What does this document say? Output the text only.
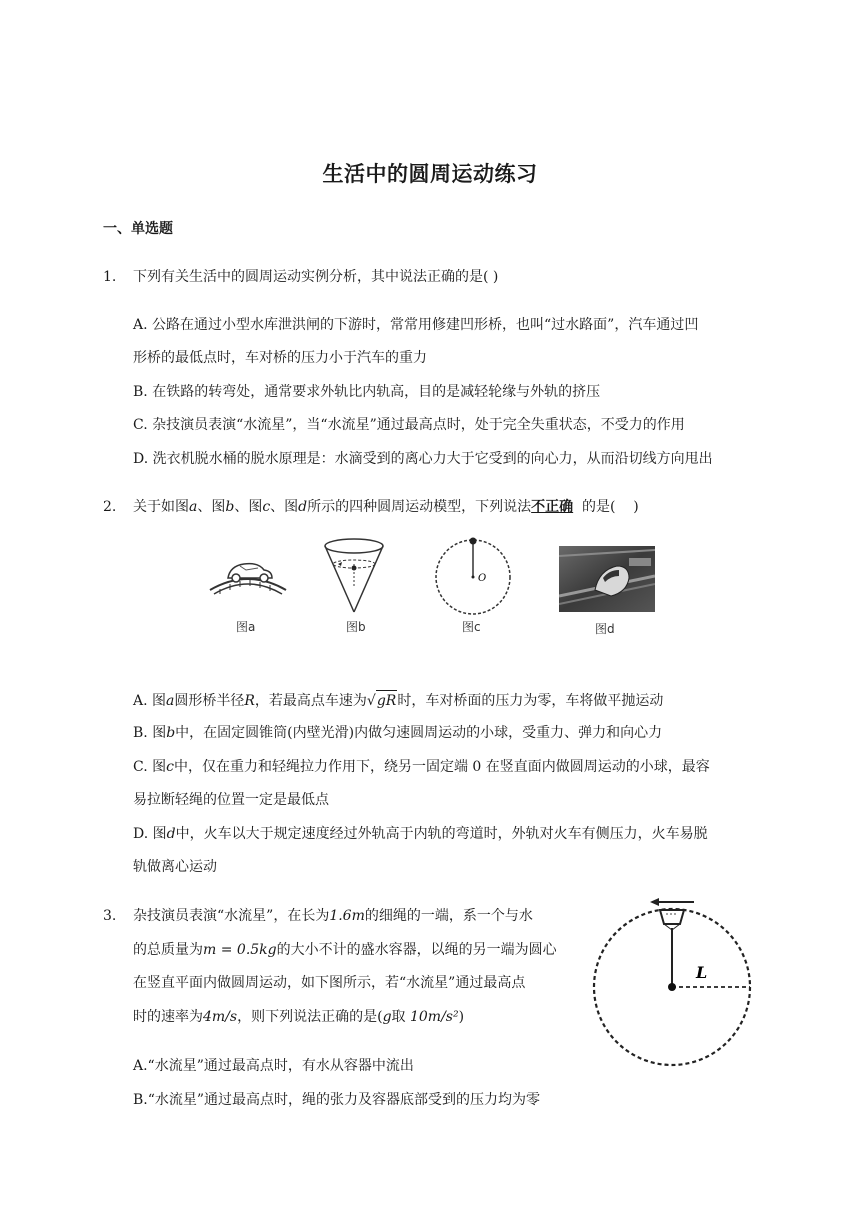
生活中的圆周运动练习
一、单选题
1. 下列有关生活中的圆周运动实例分析，其中说法正确的是( )
A. 公路在通过小型水库泄洪闸的下游时，常常用修建凹形桥，也叫“过水路面”，汽车通过凹
形桥的最低点时，车对桥的压力小于汽车的重力
B. 在铁路的转弯处，通常要求外轨比内轨高，目的是减轻轮缘与外轨的挤压
C. 杂技演员表演“水流星”，当“水流星”通过最高点时，处于完全失重状态，不受力的作用
D. 洗衣机脱水桶的脱水原理是：水滴受到的离心力大于它受到的向心力，从而沿切线方向甩出
2. 关于如图a、图b、图c、图d所示的四种圆周运动模型，下列说法不正确  的是(    )
图a	图b
O
图c	图d
A. 图a圆形桥半径R，若最高点车速为√gR时，车对桥面的压力为零，车将做平抛运动
B. 图b中，在固定圆锥筒(内壁光滑)内做匀速圆周运动的小球，受重力、弹力和向心力
C. 图c中，仅在重力和轻绳拉力作用下，绕另一固定端 0 在竖直面内做圆周运动的小球，最容
易拉断轻绳的位置一定是最低点
D. 图d中，火车以大于规定速度经过外轨高于内轨的弯道时，外轨对火车有侧压力，火车易脱
轨做离心运动
3. 杂技演员表演“水流星”，在长为1.6m的细绳的一端，系一个与水
的总质量为m = 0.5kg的大小不计的盛水容器，以绳的另一端为圆心
在竖直平面内做圆周运动，如下图所示，若“水流星”通过最高点
时的速率为4m/s，则下列说法正确的是(g取 10m/s²)
L
A.“水流星”通过最高点时，有水从容器中流出
B.“水流星”通过最高点时，绳的张力及容器底部受到的压力均为零
